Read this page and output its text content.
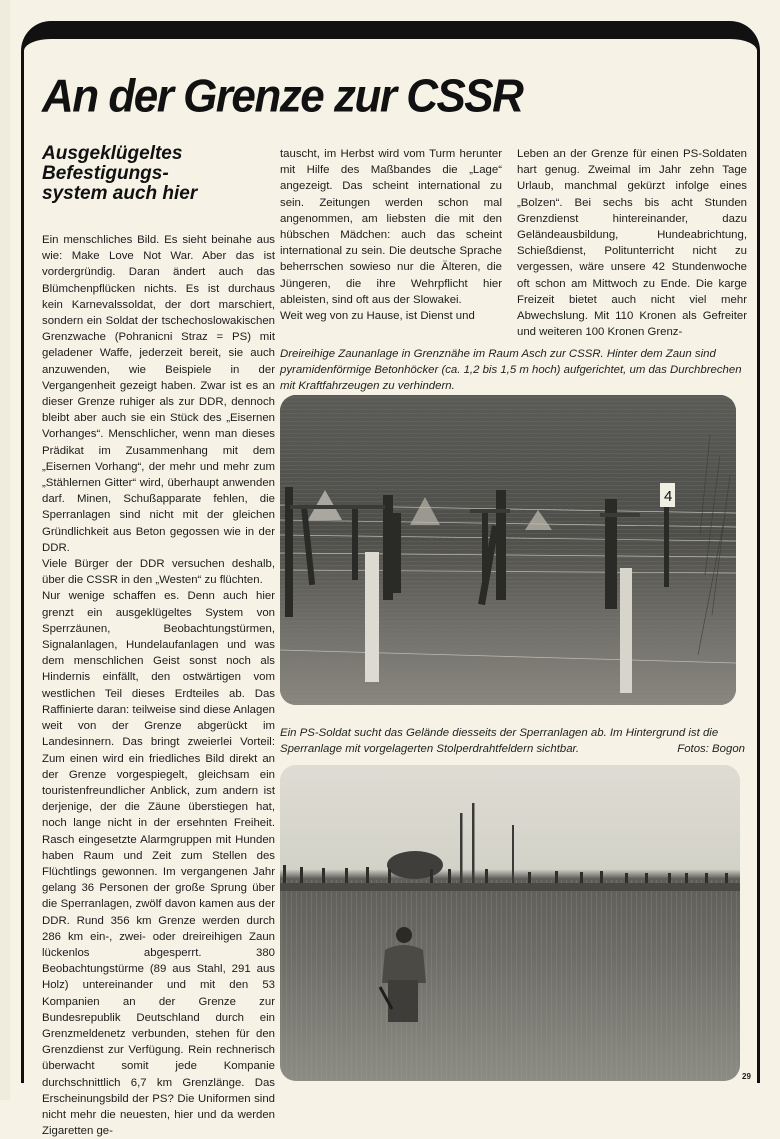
An der Grenze zur CSSR
Ausgeklügeltes
Befestigungs-
system auch hier

Ein menschliches Bild. Es sieht beinahe aus wie: Make Love Not War. Aber das ist vordergründig. Daran ändert auch das Blümchenpflücken nichts. Es ist durchaus kein Karnevalssoldat, der dort marschiert, sondern ein Soldat der tschechoslowakischen Grenzwache (Pohranicni Straz = PS) mit geladener Waffe, jederzeit bereit, sie auch anzuwenden, wie Beispiele in der Vergangenheit gezeigt haben. Zwar ist es an dieser Grenze ruhiger als zur DDR, dennoch bleibt aber auch sie ein Stück des „Eisernen Vorhanges“. Menschlicher, wenn man dieses Prädikat im Zusammenhang mit dem „Eisernen Vorhang“, der mehr und mehr zum „Stählernen Gitter“ wird, überhaupt anwenden darf. Minen, Schußapparate fehlen, die Sperranlagen sind nicht mit der gleichen Gründlichkeit aus Beton gegossen wie in der DDR.

Viele Bürger der DDR versuchen deshalb, über die CSSR in den „Westen“ zu flüchten.

Nur wenige schaffen es. Denn auch hier grenzt ein ausgeklügeltes System von Sperrzäunen, Beobachtungstürmen, Signalanlagen, Hundelaufanlagen und was dem menschlichen Geist sonst noch als Hindernis einfällt, den ostwärtigen vom westlichen Teil dieses Erdteiles ab. Das Raffinierte daran: teilweise sind diese Anlagen weit von der Grenze abgerückt im Landesinnern. Das bringt zweierlei Vorteil: Zum einen wird ein friedliches Bild direkt an der Grenze vorgespiegelt, gleichsam ein touristenfreundlicher Anblick, zum andern ist derjenige, der die Zäune überstiegen hat, noch lange nicht in der ersehnten Freiheit. Rasch eingesetzte Alarmgruppen mit Hunden haben Raum und Zeit zum Stellen des Flüchtlings gewonnen. Im vergangenen Jahr gelang 36 Personen der große Sprung über die Sperranlagen, zwölf davon kamen aus der DDR. Rund 356 km Grenze werden durch 286 km ein-, zwei- oder dreireihigen Zaun lückenlos abgesperrt. 380 Beobachtungstürme (89 aus Stahl, 291 aus Holz) untereinander und mit den 53 Kompanien an der Grenze zur Bundesrepublik Deutschland durch ein Grenzmeldenetz verbunden, stehen für den Grenzdienst zur Verfügung. Rein rechnerisch überwacht somit jede Kompanie durchschnittlich 6,7 km Grenzlänge. Das Erscheinungsbild der PS? Die Uniformen sind nicht mehr die neuesten, hier und da werden Zigaretten ge-

tauscht, im Herbst wird vom Turm herunter mit Hilfe des Maßbandes die „Lage“ angezeigt. Das scheint international zu sein. Zeitungen werden schon mal angenommen, am liebsten die mit den hübschen Mädchen: auch das scheint international zu sein. Die deutsche Sprache beherrschen sowieso nur die Älteren, die Jüngeren, die ihre Wehrpflicht hier ableisten, sind oft aus der Slowakei.

Weit weg von zu Hause, ist Dienst und

Leben an der Grenze für einen PS-Soldaten hart genug. Zweimal im Jahr zehn Tage Urlaub, manchmal gekürzt infolge eines „Bolzen“. Bei sechs bis acht Stunden Grenzdienst hintereinander, dazu Geländeausbildung, Hundeabrichtung, Schießdienst, Politunterricht nicht zu vergessen, wäre unsere 42 Stundenwoche oft schon am Mittwoch zu Ende. Die karge Freizeit bietet auch nicht viel mehr Abwechslung. Mit 110 Kronen als Gefreiter und weiteren 100 Kronen Grenz-

Dreireihige Zaunanlage in Grenznähe im Raum Asch zur CSSR. Hinter dem Zaun sind pyramidenförmige Betonhöcker (ca. 1,2 bis 1,5 m hoch) aufgerichtet, um das Durchbrechen mit Kraftfahrzeugen zu verhindern.
4
Ein PS-Soldat sucht das Gelände diesseits der Sperranlagen ab. Im Hintergrund ist die Sperranlage mit vorgelagerten Stolperdrahtfeldern sichtbar.	Fotos: Bogon
29
